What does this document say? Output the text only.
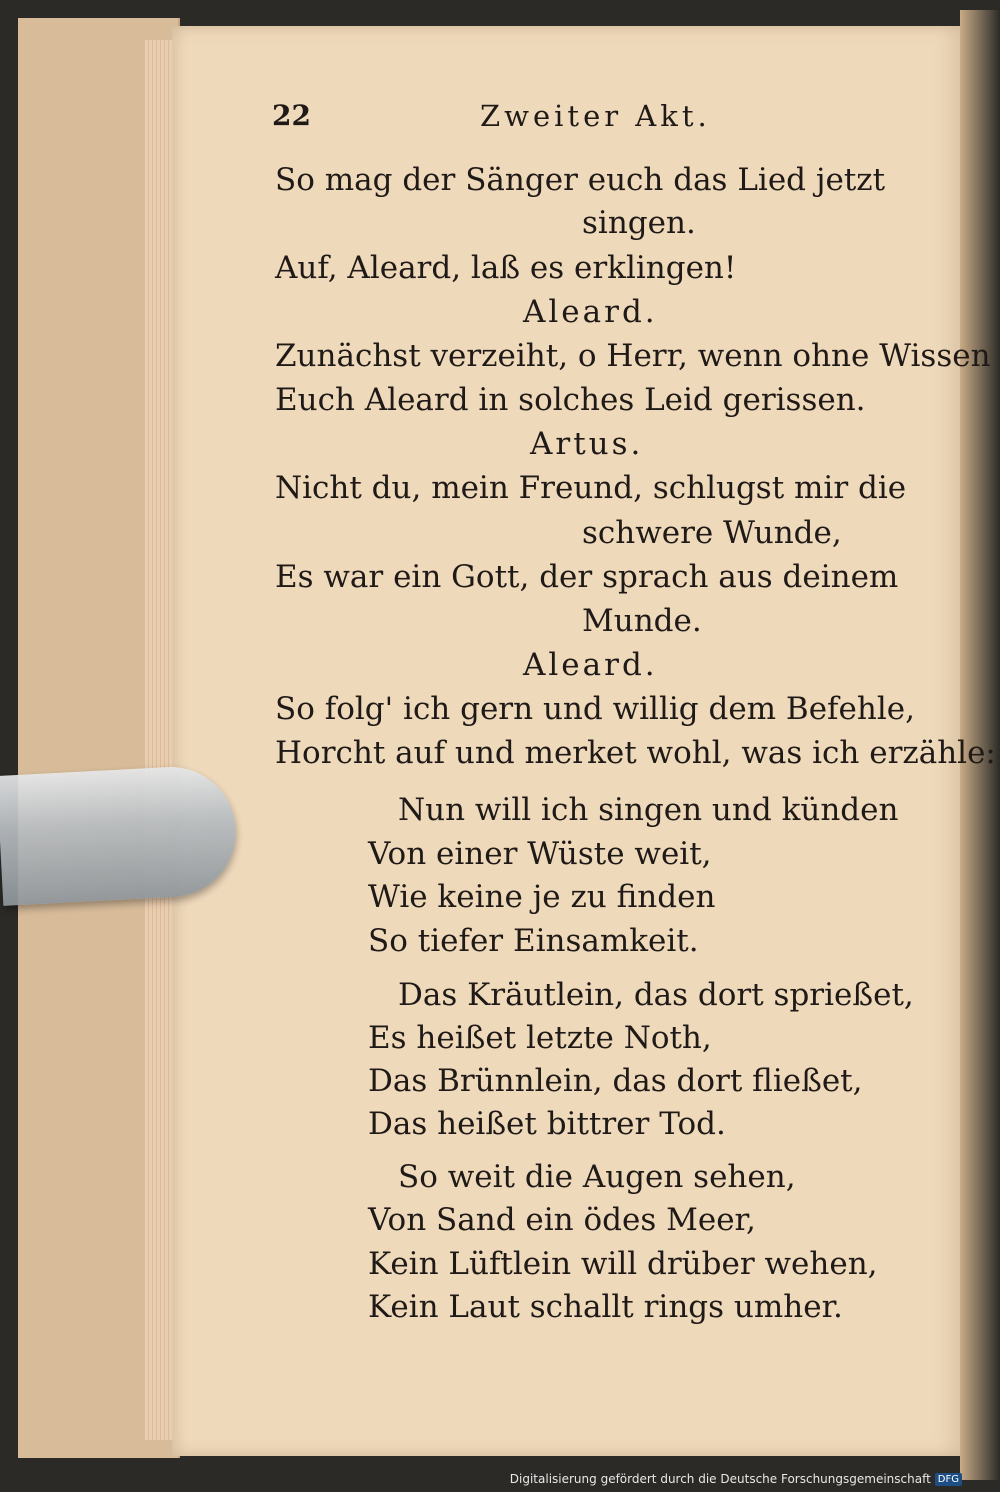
22	Zweiter Akt.
So mag der Sänger euch das Lied jetzt
singen.
Auf, Aleard, laß es erklingen!
Aleard.
Zunächst verzeiht, o Herr, wenn ohne Wissen
Euch Aleard in solches Leid gerissen.
Artus.
Nicht du, mein Freund, schlugst mir die
schwere Wunde,
Es war ein Gott, der sprach aus deinem
Munde.
Aleard.
So folg' ich gern und willig dem Befehle,
Horcht auf und merket wohl, was ich erzähle:
Nun will ich singen und künden
Von einer Wüste weit,
Wie keine je zu finden
So tiefer Einsamkeit.
Das Kräutlein, das dort sprießet,
Es heißet letzte Noth,
Das Brünnlein, das dort fließet,
Das heißet bittrer Tod.
So weit die Augen sehen,
Von Sand ein ödes Meer,
Kein Lüftlein will drüber wehen,
Kein Laut schallt rings umher.
Digitalisierung gefördert durch die Deutsche Forschungsgemeinschaft DFG
